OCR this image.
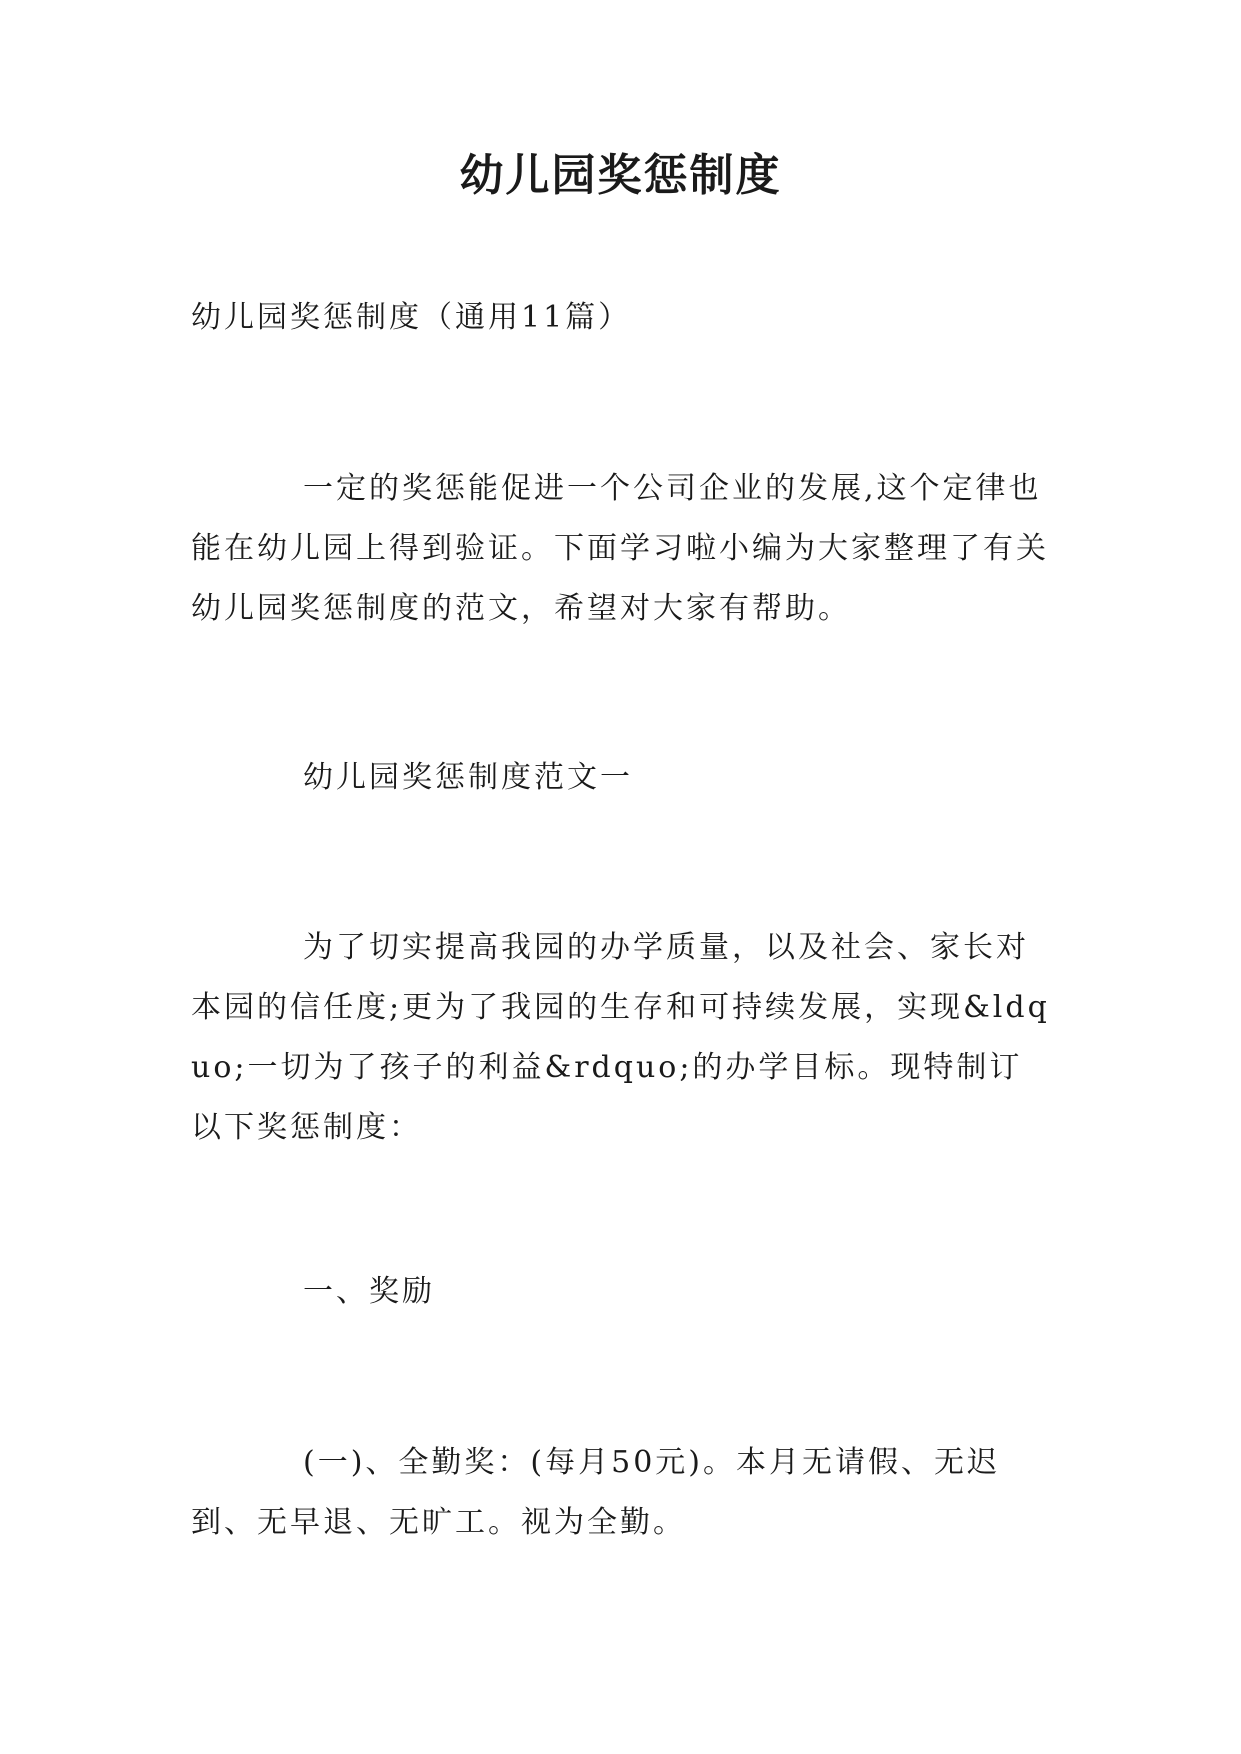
幼儿园奖惩制度

幼儿园奖惩制度（通用11篇）

一定的奖惩能促进一个公司企业的发展,这个定律也能在幼儿园上得到验证。下面学习啦小编为大家整理了有关幼儿园奖惩制度的范文，希望对大家有帮助。

幼儿园奖惩制度范文一

为了切实提高我园的办学质量，以及社会、家长对本园的信任度;更为了我园的生存和可持续发展，实现&ldquo;一切为了孩子的利益&rdquo;的办学目标。现特制订以下奖惩制度：

一、奖励

(一)、全勤奖：(每月50元)。本月无请假、无迟到、无早退、无旷工。视为全勤。
